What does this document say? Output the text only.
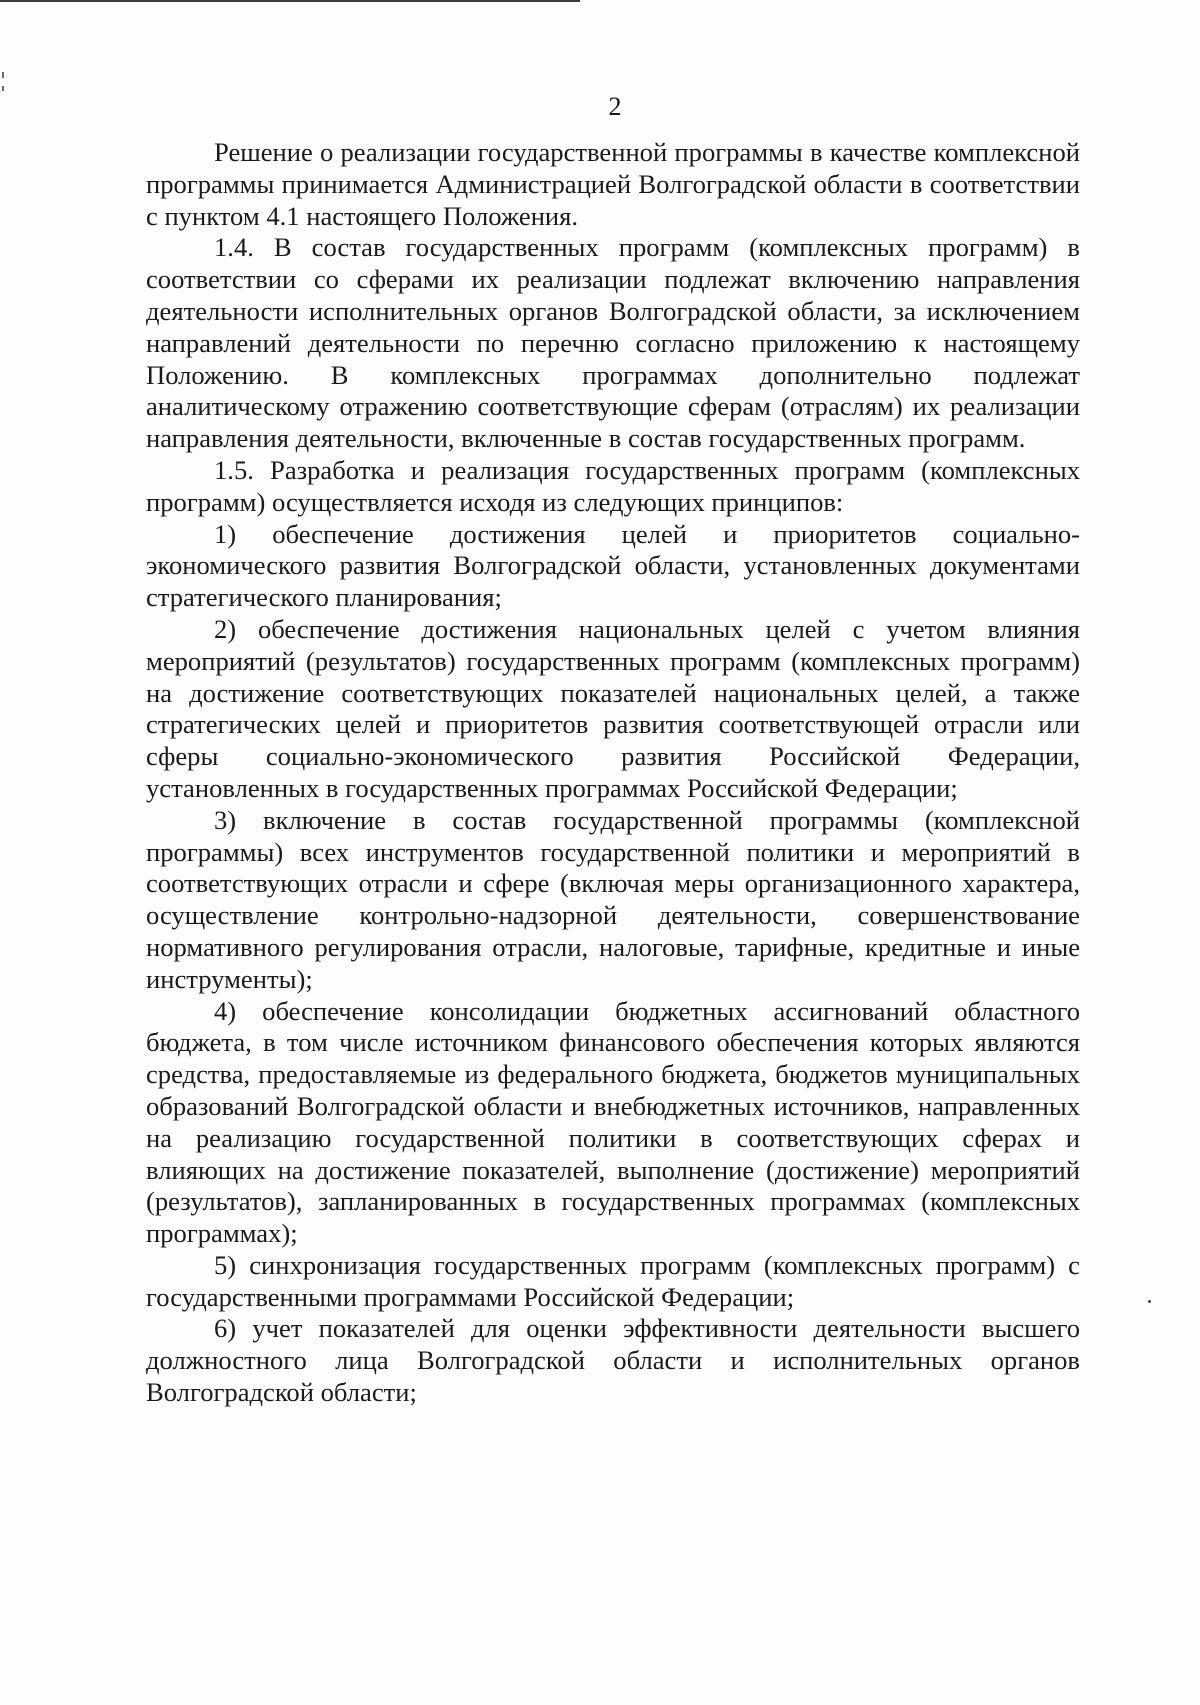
2

Решение о реализации государственной программы в качестве комплексной программы принимается Администрацией Волгоградской области в соответствии с пунктом 4.1 настоящего Положения.

1.4. В состав государственных программ (комплексных программ) в соответствии со сферами их реализации подлежат включению направления деятельности исполнительных органов Волгоградской области, за исключением направлений деятельности по перечню согласно приложению к настоящему Положению. В комплексных программах дополнительно подлежат аналитическому отражению соответствующие сферам (отраслям) их реализации направления деятельности, включенные в состав государственных программ.

1.5. Разработка и реализация государственных программ (комплексных программ) осуществляется исходя из следующих принципов:

1) обеспечение достижения целей и приоритетов социально-экономического развития Волгоградской области, установленных документами стратегического планирования;

2) обеспечение достижения национальных целей с учетом влияния мероприятий (результатов) государственных программ (комплексных программ) на достижение соответствующих показателей национальных целей, а также стратегических целей и приоритетов развития соответствующей отрасли или сферы социально-экономического развития Российской Федерации, установленных в государственных программах Российской Федерации;

3) включение в состав государственной программы (комплексной программы) всех инструментов государственной политики и мероприятий в соответствующих отрасли и сфере (включая меры организационного характера, осуществление контрольно-надзорной деятельности, совершенствование нормативного регулирования отрасли, налоговые, тарифные, кредитные и иные инструменты);

4) обеспечение консолидации бюджетных ассигнований областного бюджета, в том числе источником финансового обеспечения которых являются средства, предоставляемые из федерального бюджета, бюджетов муниципальных образований Волгоградской области и внебюджетных источников, направленных на реализацию государственной политики в соответствующих сферах и влияющих на достижение показателей, выполнение (достижение) мероприятий (результатов), запланированных в государственных программах (комплексных программах);

5) синхронизация государственных программ (комплексных программ) с государственными программами Российской Федерации;

6) учет показателей для оценки эффективности деятельности высшего должностного лица Волгоградской области и исполнительных органов Волгоградской области;
